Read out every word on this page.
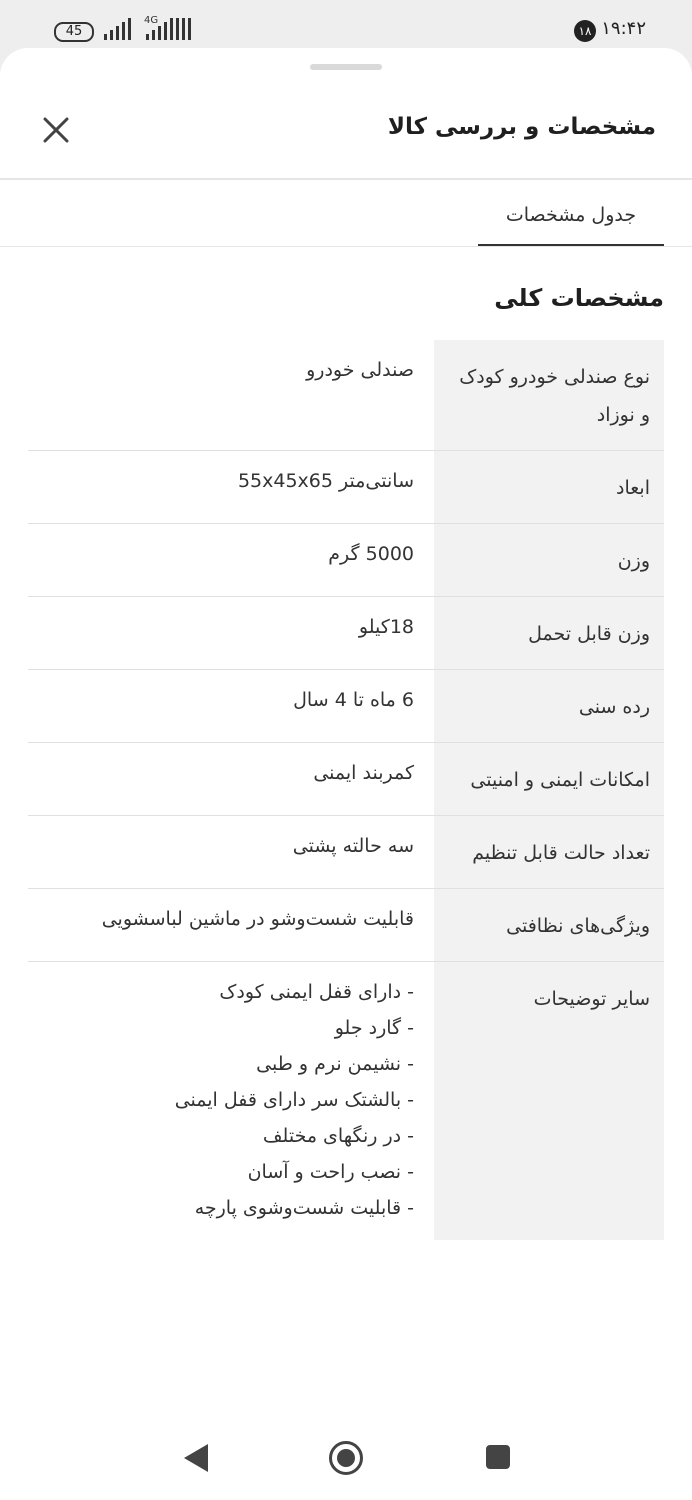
45
4G
۱۸ ۱۹:۴۲
مشخصات و بررسی کالا
جدول مشخصات
مشخصات کلی
نوع صندلی خودرو کودک و نوزاد
صندلی خودرو
ابعاد
سانتی‌متر 55x45x65
وزن
5000 گرم
وزن قابل تحمل
18کیلو
رده سنی
6 ماه تا 4 سال
امکانات ایمنی و امنیتی
کمربند ایمنی
تعداد حالت قابل تنظیم
سه حالته پشتی
ویژگی‌های نظافتی
قابلیت شست‌وشو در ماشین لباسشویی
سایر توضیحات
- دارای قفل ایمنی کودک
- گارد جلو
- نشیمن نرم و طبی
- بالشتک سر دارای قفل ایمنی
- در رنگهای مختلف
- نصب راحت و آسان
- قابلیت شست‌وشوی پارچه
